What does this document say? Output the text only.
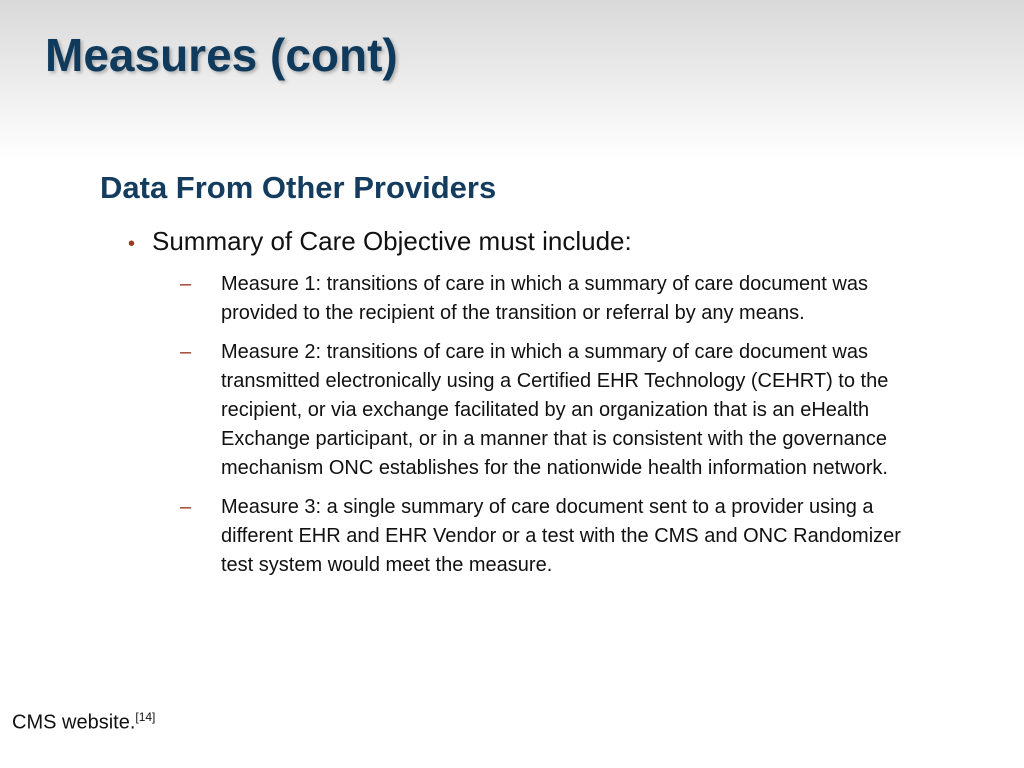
Measures (cont)
Data From Other Providers
• Summary of Care Objective must include:
–	Measure 1: transitions of care in which a summary of care document was provided to the recipient of the transition or referral by any means.
–	Measure 2: transitions of care in which a summary of care document was transmitted electronically using a Certified EHR Technology (CEHRT) to the recipient, or via exchange facilitated by an organization that is an eHealth Exchange participant, or in a manner that is consistent with the governance mechanism ONC establishes for the nationwide health information network.
–	Measure 3: a single summary of care document sent to a provider using a different EHR and EHR Vendor or a test with the CMS and ONC Randomizer test system would meet the measure.
CMS website.[14]
